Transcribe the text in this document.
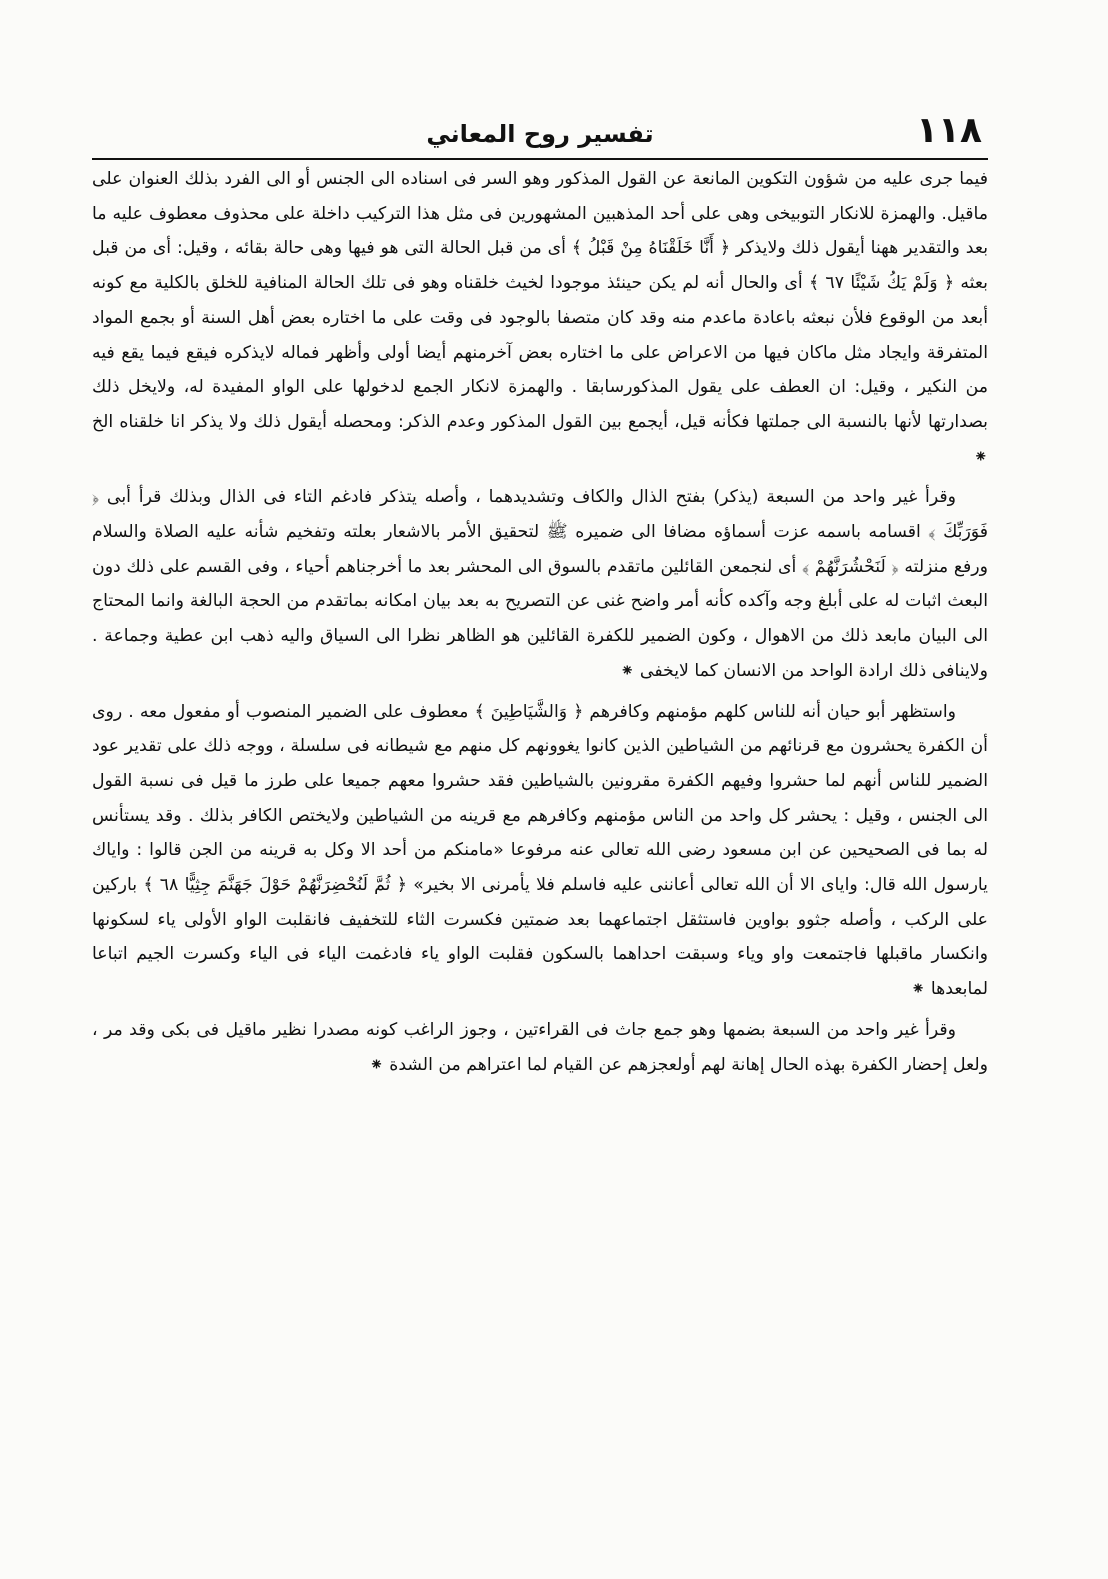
١١٨
تفسير روح المعاني

فيما جرى عليه من شؤون التكوين المانعة عن القول المذكور وهو السر فى اسناده الى الجنس أو الى الفرد بذلك العنوان على ماقيل. والهمزة للانكار التوبيخى وهى على أحد المذهبين المشهورين فى مثل هذا التركيب داخلة على محذوف معطوف عليه ما بعد والتقدير ههنا أيقول ذلك ولايذكر ﴿ أَنَّا خَلَقْنَاهُ مِنْ قَبْلُ ﴾ أى من قبل الحالة التى هو فيها وهى حالة بقائه ، وقيل: أى من قبل بعثه ﴿ وَلَمْ يَكُ شَيْئًا ٦٧ ﴾ أى والحال أنه لم يكن حينئذ موجودا لخيث خلقناه وهو فى تلك الحالة المنافية للخلق بالكلية مع كونه أبعد من الوقوع فلأن نبعثه باعادة ماعدم منه وقد كان متصفا بالوجود فى وقت على ما اختاره بعض أهل السنة أو بجمع المواد المتفرقة وايجاد مثل ماكان فيها من الاعراض على ما اختاره بعض آخرمنهم أيضا أولى وأظهر فماله لايذكره فيقع فيما يقع فيه من النكير ، وقيل: ان العطف على يقول المذكورسابقا . والهمزة لانكار الجمع لدخولها على الواو المفيدة له، ولايخل ذلك بصدارتها لأنها بالنسبة الى جملتها فكأنه قيل، أيجمع بين القول المذكور وعدم الذكر: ومحصله أيقول ذلك ولا يذكر انا خلقناه الخ ⁕

وقرأ غير واحد من السبعة (يذكر) بفتح الذال والكاف وتشديدهما ، وأصله يتذكر فادغم التاء فى الذال وبذلك قرأ أبى ﴿ فَوَرَبِّكَ ﴾ اقسامه باسمه عزت أسماؤه مضافا الى ضميره ﷺ لتحقيق الأمر بالاشعار بعلته وتفخيم شأنه عليه الصلاة والسلام ورفع منزلته ﴿ لَنَحْشُرَنَّهُمْ ﴾ أى لنجمعن القائلين ماتقدم بالسوق الى المحشر بعد ما أخرجناهم أحياء ، وفى القسم على ذلك دون البعث اثبات له على أبلغ وجه وآكده كأنه أمر واضح غنى عن التصريح به بعد بيان امكانه بماتقدم من الحجة البالغة وانما المحتاج الى البيان مابعد ذلك من الاهوال ، وكون الضمير للكفرة القائلين هو الظاهر نظرا الى السياق واليه ذهب ابن عطية وجماعة . ولاينافى ذلك ارادة الواحد من الانسان كما لايخفى ⁕

واستظهر أبو حيان أنه للناس كلهم مؤمنهم وكافرهم ﴿ وَالشَّيَاطِينَ ﴾ معطوف على الضمير المنصوب أو مفعول معه . روى أن الكفرة يحشرون مع قرنائهم من الشياطين الذين كانوا يغوونهم كل منهم مع شيطانه فى سلسلة ، ووجه ذلك على تقدير عود الضمير للناس أنهم لما حشروا وفيهم الكفرة مقرونين بالشياطين فقد حشروا معهم جميعا على طرز ما قيل فى نسبة القول الى الجنس ، وقيل : يحشر كل واحد من الناس مؤمنهم وكافرهم مع قرينه من الشياطين ولايختص الكافر بذلك . وقد يستأنس له بما فى الصحيحين عن ابن مسعود رضى الله تعالى عنه مرفوعا «مامنكم من أحد الا وكل به قرينه من الجن قالوا : واياك يارسول الله قال: واياى الا أن الله تعالى أعاننى عليه فاسلم فلا يأمرنى الا بخير» ﴿ ثُمَّ لَنُحْضِرَنَّهُمْ حَوْلَ جَهَنَّمَ جِثِيًّا ٦٨ ﴾ باركين على الركب ، وأصله جثوو بواوين فاستثقل اجتماعهما بعد ضمتين فكسرت الثاء للتخفيف فانقلبت الواو الأولى ياء لسكونها وانكسار ماقبلها فاجتمعت واو وياء وسبقت احداهما بالسكون فقلبت الواو ياء فادغمت الياء فى الياء وكسرت الجيم اتباعا لمابعدها ⁕

وقرأ غير واحد من السبعة بضمها وهو جمع جاث فى القراءتين ، وجوز الراغب كونه مصدرا نظير ماقيل فى بكى وقد مر ، ولعل إحضار الكفرة بهذه الحال إهانة لهم أولعجزهم عن القيام لما اعتراهم من الشدة ⁕
